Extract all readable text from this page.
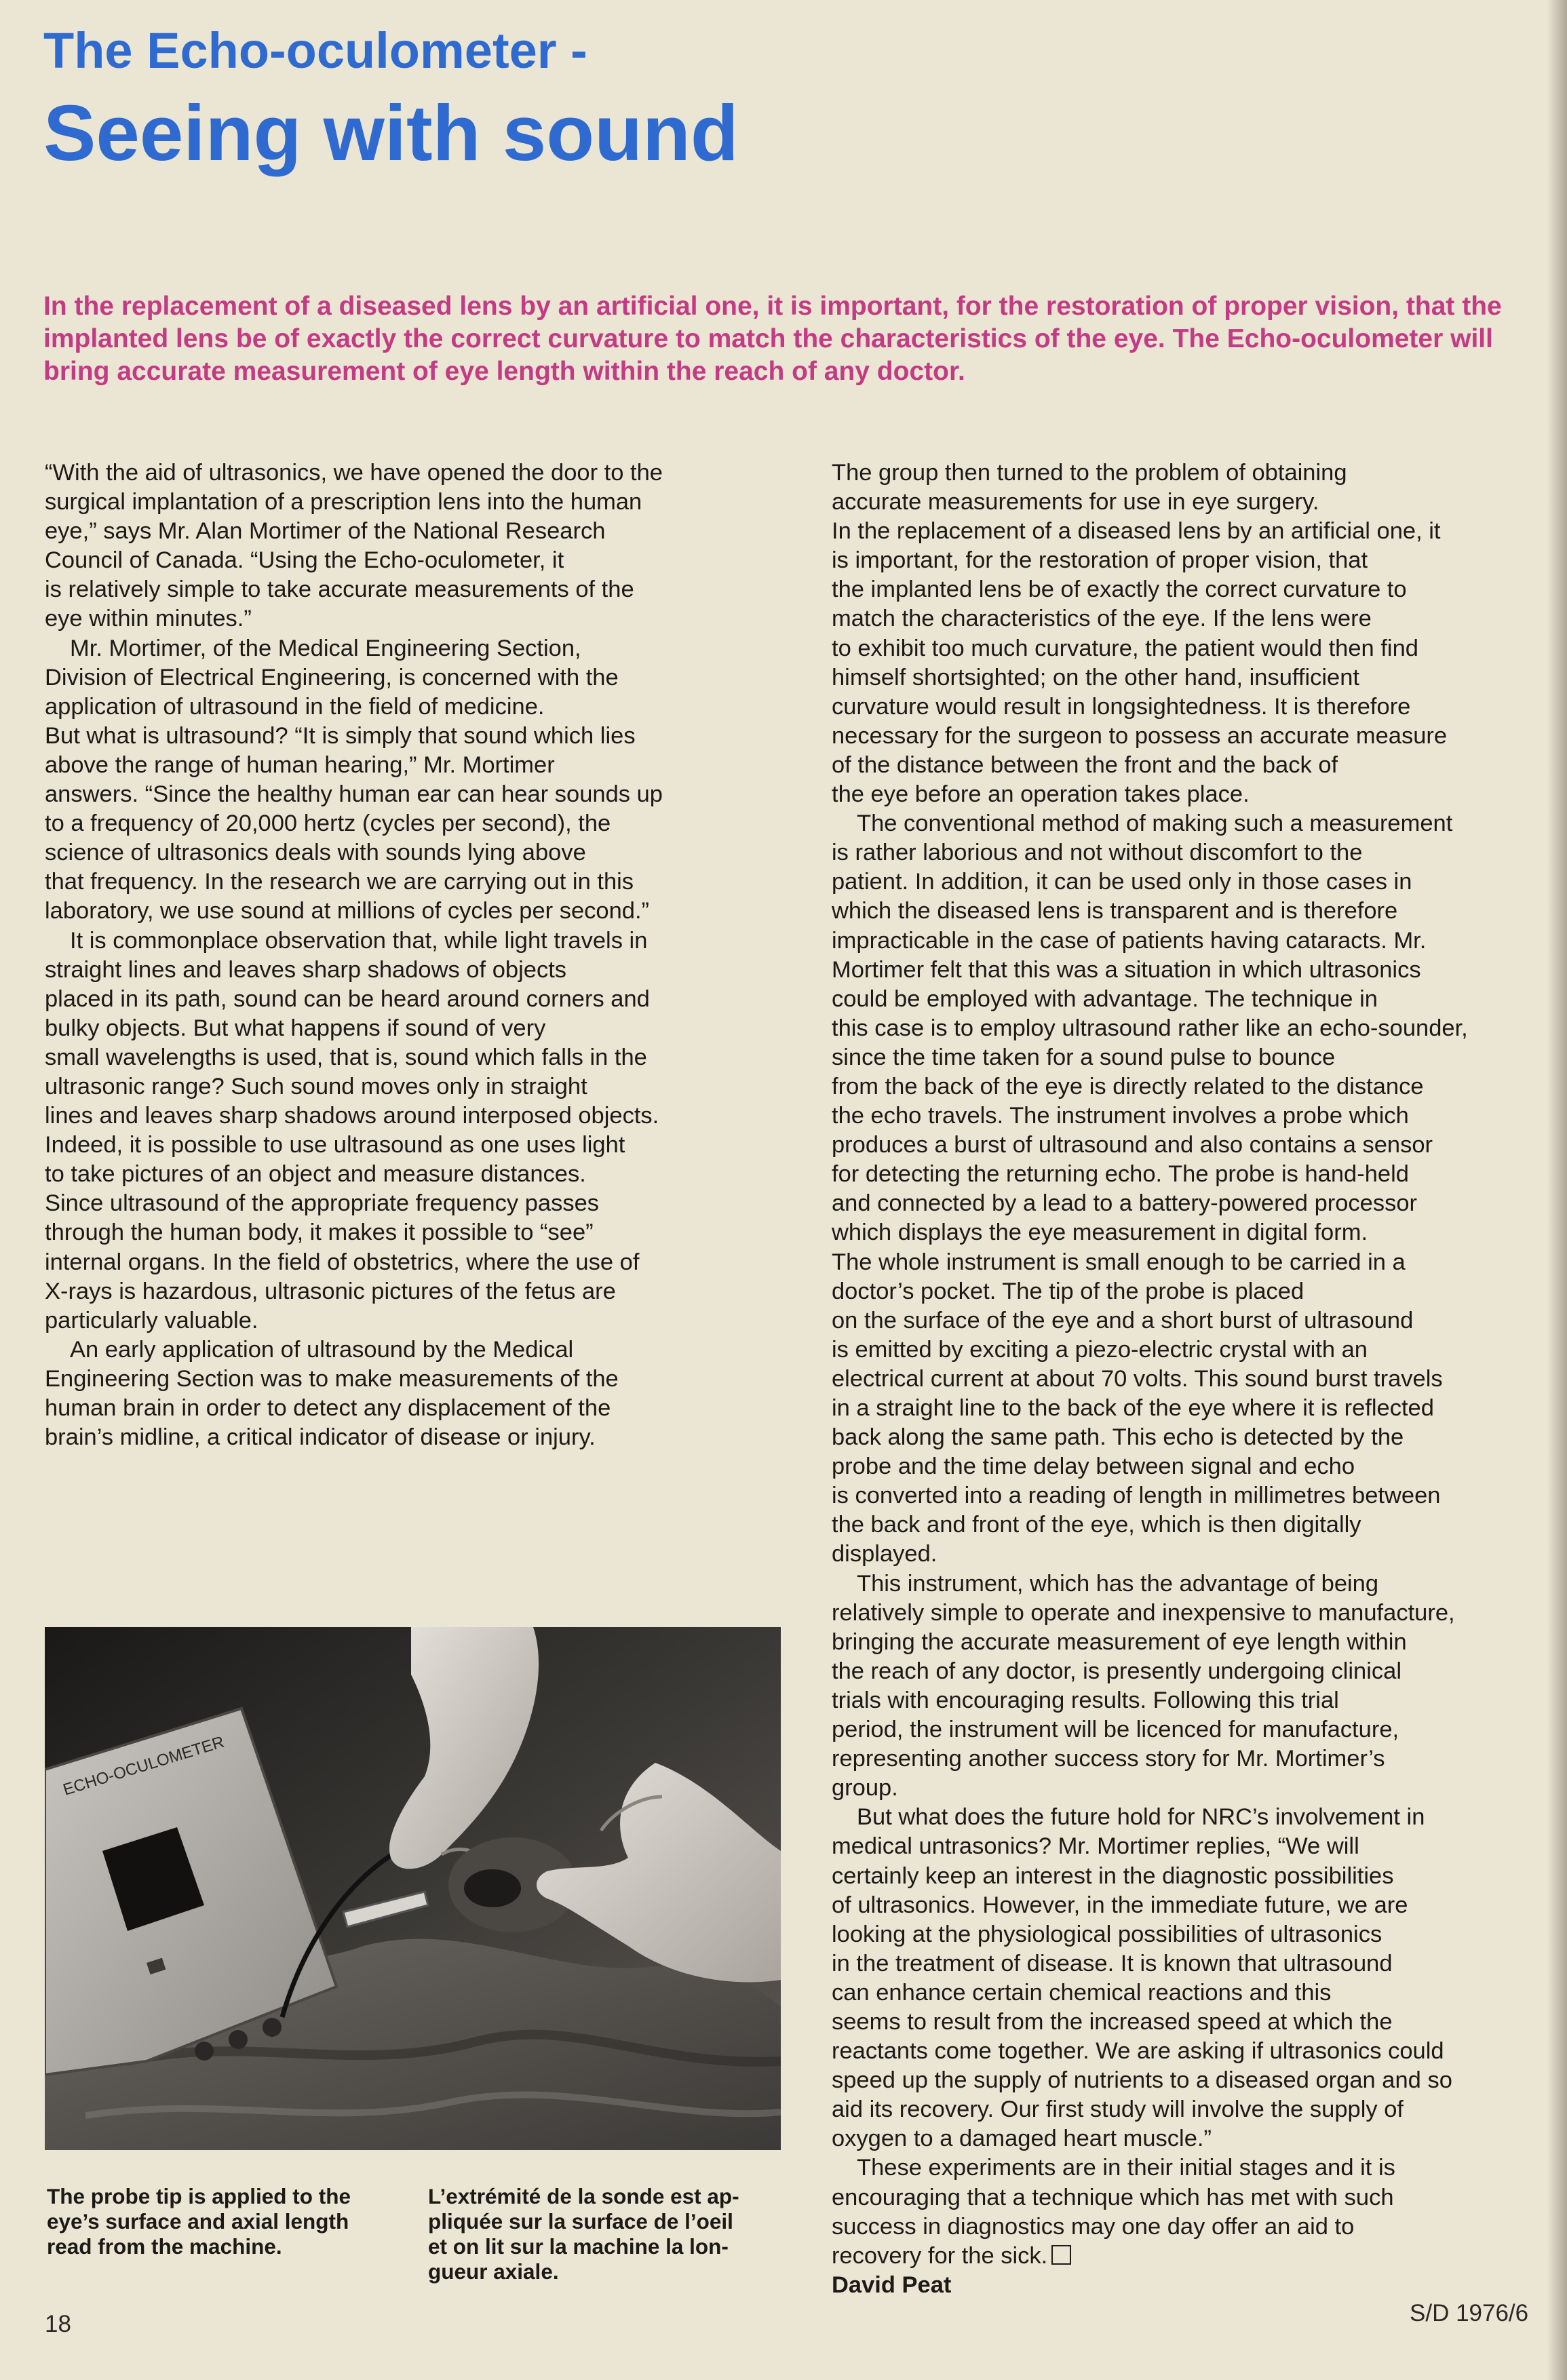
The Echo-oculometer -
Seeing with sound
In the replacement of a diseased lens by an artificial one, it is important, for the restoration of proper vision, that the implanted lens be of exactly the correct curvature to match the characteristics of the eye. The Echo-oculometer will bring accurate measurement of eye length within the reach of any doctor.

“With the aid of ultrasonics, we have opened the door to the

surgical implantation of a prescription lens into the human

eye,” says Mr. Alan Mortimer of the National Research

Council of Canada. “Using the Echo-oculometer, it

is relatively simple to take accurate measurements of the

eye within minutes.”

Mr. Mortimer, of the Medical Engineering Section,

Division of Electrical Engineering, is concerned with the

application of ultrasound in the field of medicine.

But what is ultrasound? “It is simply that sound which lies

above the range of human hearing,” Mr. Mortimer

answers. “Since the healthy human ear can hear sounds up

to a frequency of 20,000 hertz (cycles per second), the

science of ultrasonics deals with sounds lying above

that frequency. In the research we are carrying out in this

laboratory, we use sound at millions of cycles per second.”

It is commonplace observation that, while light travels in

straight lines and leaves sharp shadows of objects

placed in its path, sound can be heard around corners and

bulky objects. But what happens if sound of very

small wavelengths is used, that is, sound which falls in the

ultrasonic range? Such sound moves only in straight

lines and leaves sharp shadows around interposed objects.

Indeed, it is possible to use ultrasound as one uses light

to take pictures of an object and measure distances.

Since ultrasound of the appropriate frequency passes

through the human body, it makes it possible to “see”

internal organs. In the field of obstetrics, where the use of

X-rays is hazardous, ultrasonic pictures of the fetus are

particularly valuable.

An early application of ultrasound by the Medical

Engineering Section was to make measurements of the

human brain in order to detect any displacement of the

brain’s midline, a critical indicator of disease or injury.

The group then turned to the problem of obtaining

accurate measurements for use in eye surgery.

In the replacement of a diseased lens by an artificial one, it

is important, for the restoration of proper vision, that

the implanted lens be of exactly the correct curvature to

match the characteristics of the eye. If the lens were

to exhibit too much curvature, the patient would then find

himself shortsighted; on the other hand, insufficient

curvature would result in longsightedness. It is therefore

necessary for the surgeon to possess an accurate measure

of the distance between the front and the back of

the eye before an operation takes place.

The conventional method of making such a measurement

is rather laborious and not without discomfort to the

patient. In addition, it can be used only in those cases in

which the diseased lens is transparent and is therefore

impracticable in the case of patients having cataracts. Mr.

Mortimer felt that this was a situation in which ultrasonics

could be employed with advantage. The technique in

this case is to employ ultrasound rather like an echo-sounder,

since the time taken for a sound pulse to bounce

from the back of the eye is directly related to the distance

the echo travels. The instrument involves a probe which

produces a burst of ultrasound and also contains a sensor

for detecting the returning echo. The probe is hand-held

and connected by a lead to a battery-powered processor

which displays the eye measurement in digital form.

The whole instrument is small enough to be carried in a

doctor’s pocket. The tip of the probe is placed

on the surface of the eye and a short burst of ultrasound

is emitted by exciting a piezo-electric crystal with an

electrical current at about 70 volts. This sound burst travels

in a straight line to the back of the eye where it is reflected

back along the same path. This echo is detected by the

probe and the time delay between signal and echo

is converted into a reading of length in millimetres between

the back and front of the eye, which is then digitally

displayed.

This instrument, which has the advantage of being

relatively simple to operate and inexpensive to manufacture,

bringing the accurate measurement of eye length within

the reach of any doctor, is presently undergoing clinical

trials with encouraging results. Following this trial

period, the instrument will be licenced for manufacture,

representing another success story for Mr. Mortimer’s

group.

But what does the future hold for NRC’s involvement in

medical untrasonics? Mr. Mortimer replies, “We will

certainly keep an interest in the diagnostic possibilities

of ultrasonics. However, in the immediate future, we are

looking at the physiological possibilities of ultrasonics

in the treatment of disease. It is known that ultrasound

can enhance certain chemical reactions and this

seems to result from the increased speed at which the

reactants come together. We are asking if ultrasonics could

speed up the supply of nutrients to a diseased organ and so

aid its recovery. Our first study will involve the supply of

oxygen to a damaged heart muscle.”

These experiments are in their initial stages and it is

encouraging that a technique which has met with such

success in diagnostics may one day offer an aid to

recovery for the sick.

David Peat

ECHO-OCULOMETER

The probe tip is applied to the

eye’s surface and axial length

read from the machine.

L’extrémité de la sonde est ap-

pliquée sur la surface de l’oeil

et on lit sur la machine la lon-

gueur axiale.

18	S/D 1976/6
